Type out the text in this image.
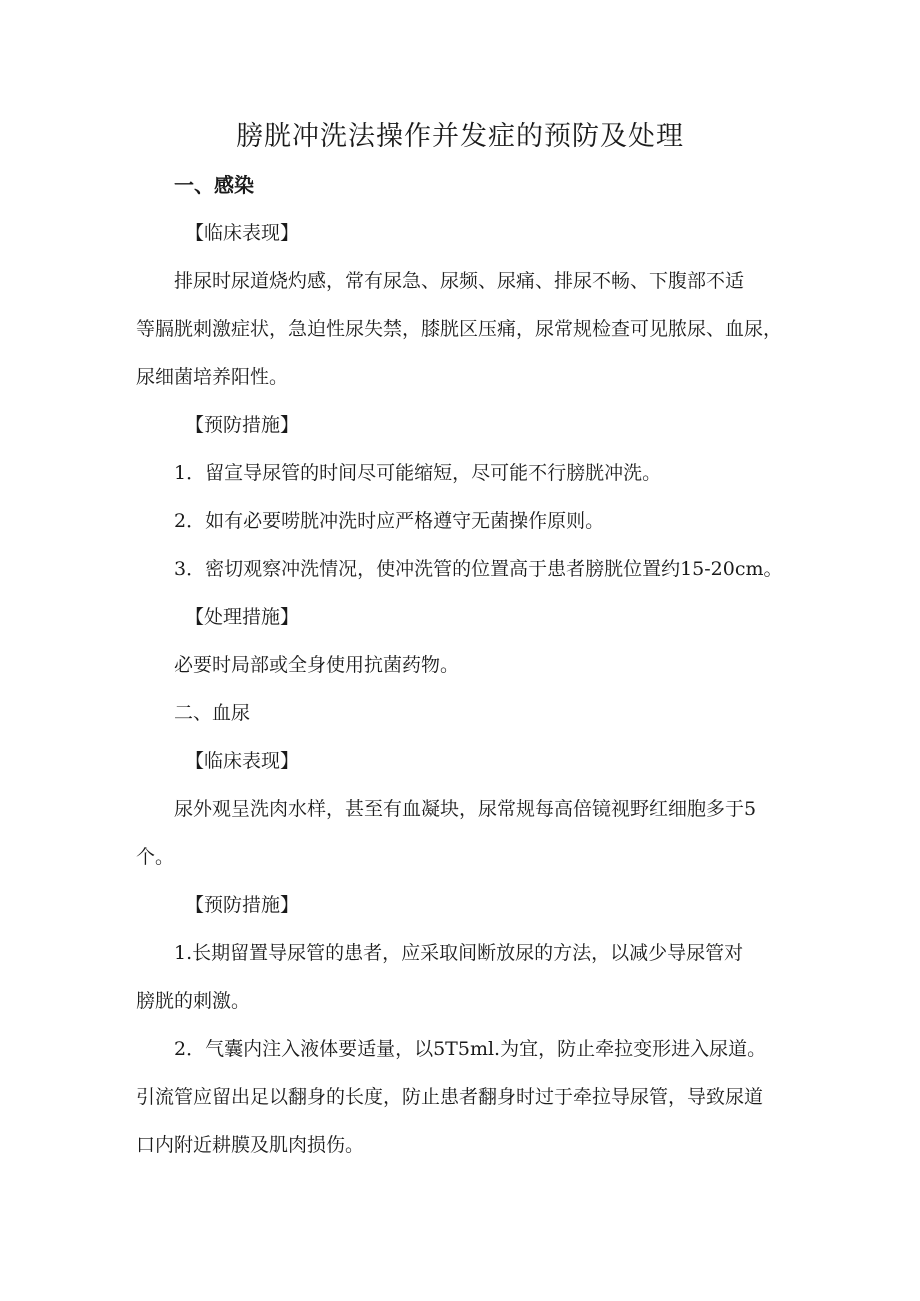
膀胱冲洗法操作并发症的预防及处理

一、感染

【临床表现】

排尿时尿道烧灼感，常有尿急、尿频、尿痛、排尿不畅、下腹部不适

等膈胱刺激症状，急迫性尿失禁，膝胱区压痛，尿常规检查可见脓尿、血尿，

尿细菌培养阳性。

【预防措施】

1．留宣导尿管的时间尽可能缩短，尽可能不行膀胱冲洗。

2．如有必要唠胱冲洗时应严格遵守无菌操作原则。

3．密切观察冲洗情况，使冲洗管的位置高于患者膀胱位置约15-20cm。

【处理措施】

必要时局部或全身使用抗菌药物。

二、血尿

【临床表现】

尿外观呈洗肉水样，甚至有血凝块，尿常规每高倍镜视野红细胞多于5

个。

【预防措施】

1.长期留置导尿管的患者，应采取间断放尿的方法，以减少导尿管对

膀胱的刺激。

2．气囊内注入液体要适量，以5T5ml.为宜，防止牵拉变形进入尿道。

引流管应留出足以翻身的长度，防止患者翻身时过于牵拉导尿管，导致尿道

口内附近耕膜及肌肉损伤。
